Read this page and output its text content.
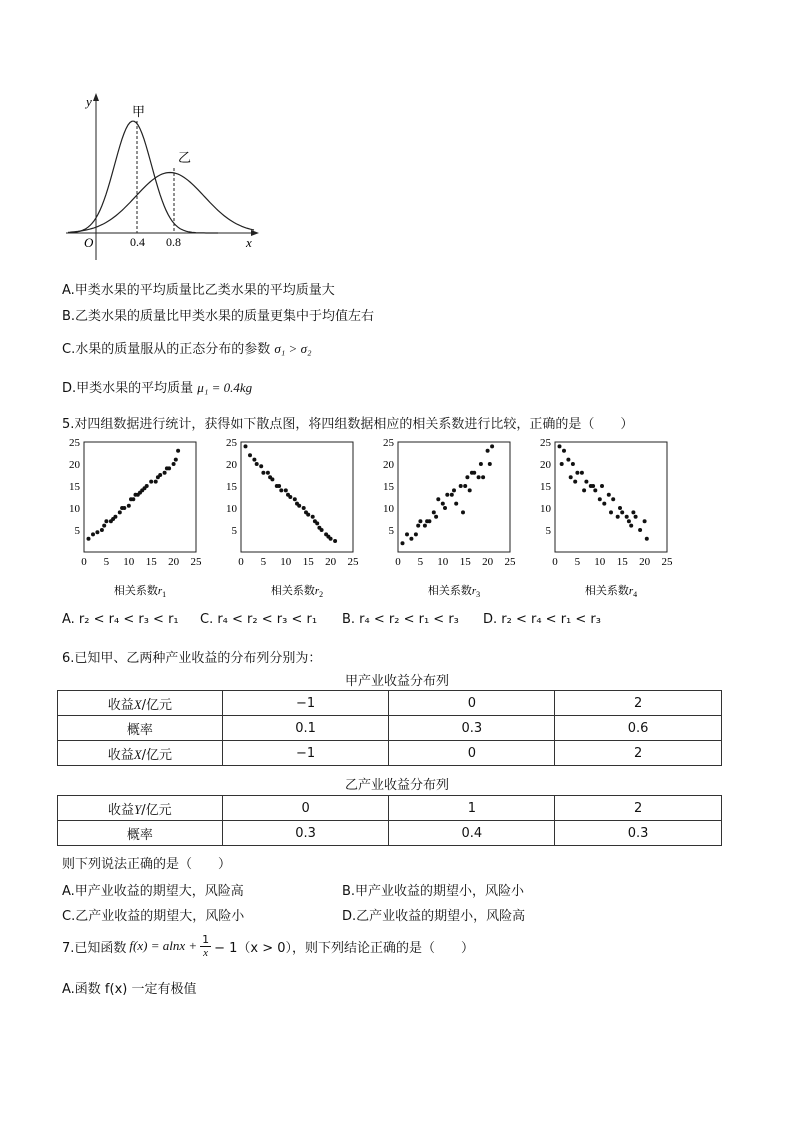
y
x
O	0.4 0.8
甲
乙
A.甲类水果的平均质量比乙类水果的平均质量大
B.乙类水果的质量比甲类水果的质量更集中于均值左右
C.水果的质量服从的正态分布的参数 σ₁ > σ₂
D.甲类水果的平均质量 μ₁ = 0.4kg
5.对四组数据进行统计，获得如下散点图，将四组数据相应的相关系数进行比较，正确的是（　　）
0 5 10 15 20 25
5
10
15
20
25
相关系数$r_1$
0 5 10 15 20 25
5
10
15
20
25
相关系数$r_2$
0 5 10 15 20 25
5
10
15
20
25
相关系数$r_3$
0 5 10 15 20 25
5
10
15
20
25
相关系数$r_4$
A. r₂ < r₄ < r₃ < r₁ C. r₄ < r₂ < r₃ < r₁ B. r₄ < r₂ < r₁ < r₃ D. r₂ < r₄ < r₁ < r₃
6.已知甲、乙两种产业收益的分布列分别为：
甲产业收益分布列
收益X/亿元	−1	0	2
概率	0.1	0.3	0.6
收益X/亿元	−1	0	2
乙产业收益分布列
收益Y/亿元	0	1	2
概率	0.3	0.4	0.3
则下列说法正确的是（　　）
A.甲产业收益的期望大，风险高	B.甲产业收益的期望小，风险小
C.乙产业收益的期望大，风险小	D.乙产业收益的期望小，风险高
7.已知函数 $f(x) = alnx + \frac{1}{x} - 1(x > 0)$，则下列结论正确的是（　　）
A.函数 f(x) 一定有极值
